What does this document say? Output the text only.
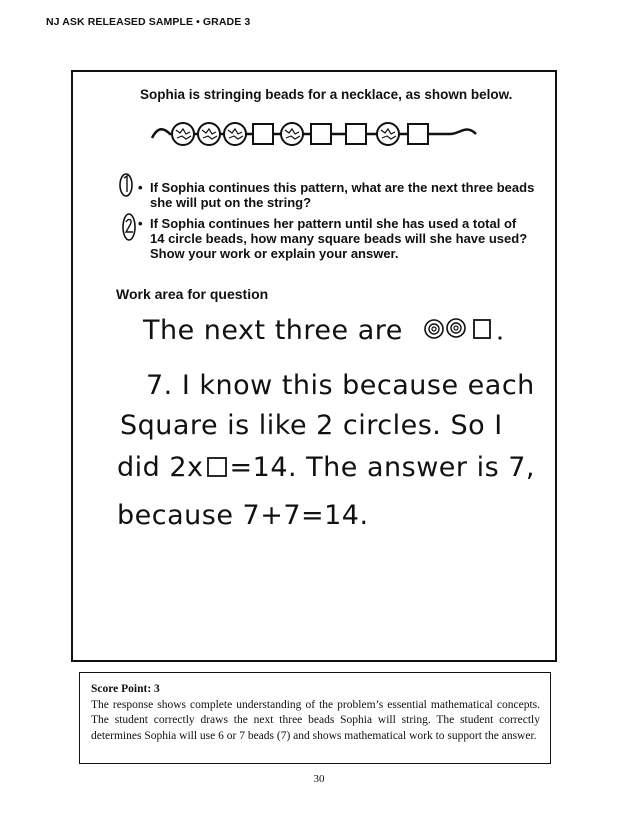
NJ ASK RELEASED SAMPLE • GRADE 3
Sophia is stringing beads for a necklace, as shown below.
• If Sophia continues this pattern, what are the next three beads
she will put on the string?
• If Sophia continues her pattern until she has used a total of
14 circle beads, how many square beads will she have used?
Show your work or explain your answer.
Work area for question
The next three are
7. I know this because each
Square is like 2 circles. So I
did 2x =14. The answer is 7,
because 7+7=14.
Score Point: 3
The response shows complete understanding of the problem’s essential mathematical concepts. The student correctly draws the next three beads Sophia will string. The student correctly determines Sophia will use 6 or 7 beads (7) and shows mathematical work to support the answer.
30
